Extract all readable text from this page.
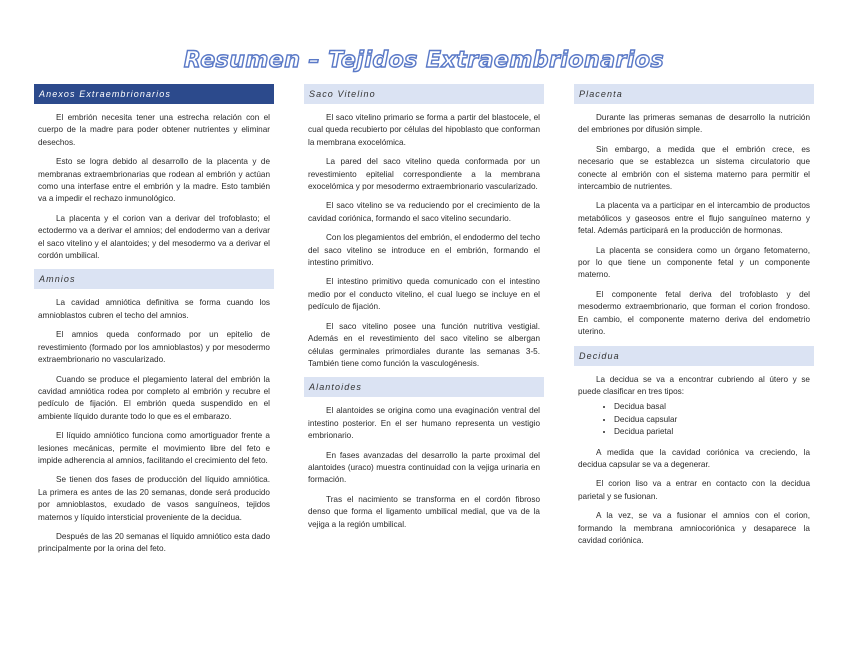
Resumen – Tejidos Extraembrionarios
Anexos Extraembrionarios

El embrión necesita tener una estrecha relación con el cuerpo de la madre para poder obtener nutrientes y eliminar desechos.

Esto se logra debido al desarrollo de la placenta y de membranas extraembrionarias que rodean al embrión y actúan como una interfase entre el embrión y la madre. Esto también va a impedir el rechazo inmunológico.

La placenta y el corion van a derivar del trofoblasto; el ectodermo va a derivar el amnios; del endodermo van a derivar el saco vitelino y el alantoides; y del mesodermo va a derivar el cordón umbilical.

Amnios

La cavidad amniótica definitiva se forma cuando los amnioblastos cubren el techo del amnios.

El amnios queda conformado por un epitelio de revestimiento (formado por los amnioblastos) y por mesodermo extraembrionario no vascularizado.

Cuando se produce el plegamiento lateral del embrión la cavidad amniótica rodea por completo al embrión y recubre el pedículo de fijación. El embrión queda suspendido en el ambiente líquido durante todo lo que es el embarazo.

El líquido amniótico funciona como amortiguador frente a lesiones mecánicas, permite el movimiento libre del feto e impide adherencia al amnios, facilitando el crecimiento del feto.

Se tienen dos fases de producción del líquido amniótica. La primera es antes de las 20 semanas, donde será producido por amnioblastos, exudado de vasos sanguíneos, tejidos maternos y líquido intersticial proveniente de la decidua.

Después de las 20 semanas el líquido amniótico esta dado principalmente por la orina del feto.

Saco Vitelino

El saco vitelino primario se forma a partir del blastocele, el cual queda recubierto por células del hipoblasto que conforman la membrana exocelómica.

La pared del saco vitelino queda conformada por un revestimiento epitelial correspondiente a la membrana exocelómica y por mesodermo extraembrionario vascularizado.

El saco vitelino se va reduciendo por el crecimiento de la cavidad coriónica, formando el saco vitelino secundario.

Con los plegamientos del embrión, el endodermo del techo del saco vitelino se introduce en el embrión, formando el intestino primitivo.

El intestino primitivo queda comunicado con el intestino medio por el conducto vitelino, el cual luego se incluye en el pedículo de fijación.

El saco vitelino posee una función nutritiva vestigial. Además en el revestimiento del saco vitelino se albergan células germinales primordiales durante las semanas 3-5. También tiene como función la vasculogénesis.

Alantoides

El alantoides se origina como una evaginación ventral del intestino posterior. En el ser humano representa un vestigio embrionario.

En fases avanzadas del desarrollo la parte proximal del alantoides (uraco) muestra continuidad con la vejiga urinaria en formación.

Tras el nacimiento se transforma en el cordón fibroso denso que forma el ligamento umbilical medial, que va de la vejiga a la región umbilical.

Placenta

Durante las primeras semanas de desarrollo la nutrición del embriones por difusión simple.

Sin embargo, a medida que el embrión crece, es necesario que se establezca un sistema circulatorio que conecte al embrión con el sistema materno para permitir el intercambio de nutrientes.

La placenta va a participar en el intercambio de productos metabólicos y gaseosos entre el flujo sanguíneo materno y fetal. Además participará en la producción de hormonas.

La placenta se considera como un órgano fetomaterno, por lo que tiene un componente fetal y un componente materno.

El componente fetal deriva del trofoblasto y del mesodermo extraembrionario, que forman el corion frondoso. En cambio, el componente materno deriva del endometrio uterino.

Decidua

La decidua se va a encontrar cubriendo al útero y se puede clasificar en tres tipos:

• Decidua basal
• Decidua capsular
• Decidua parietal

A medida que la cavidad coriónica va creciendo, la decidua capsular se va a degenerar.

El corion liso va a entrar en contacto con la decidua parietal y se fusionan.

A la vez, se va a fusionar el amnios con el corion, formando la membrana amniocoriónica y desaparece la cavidad coriónica.
